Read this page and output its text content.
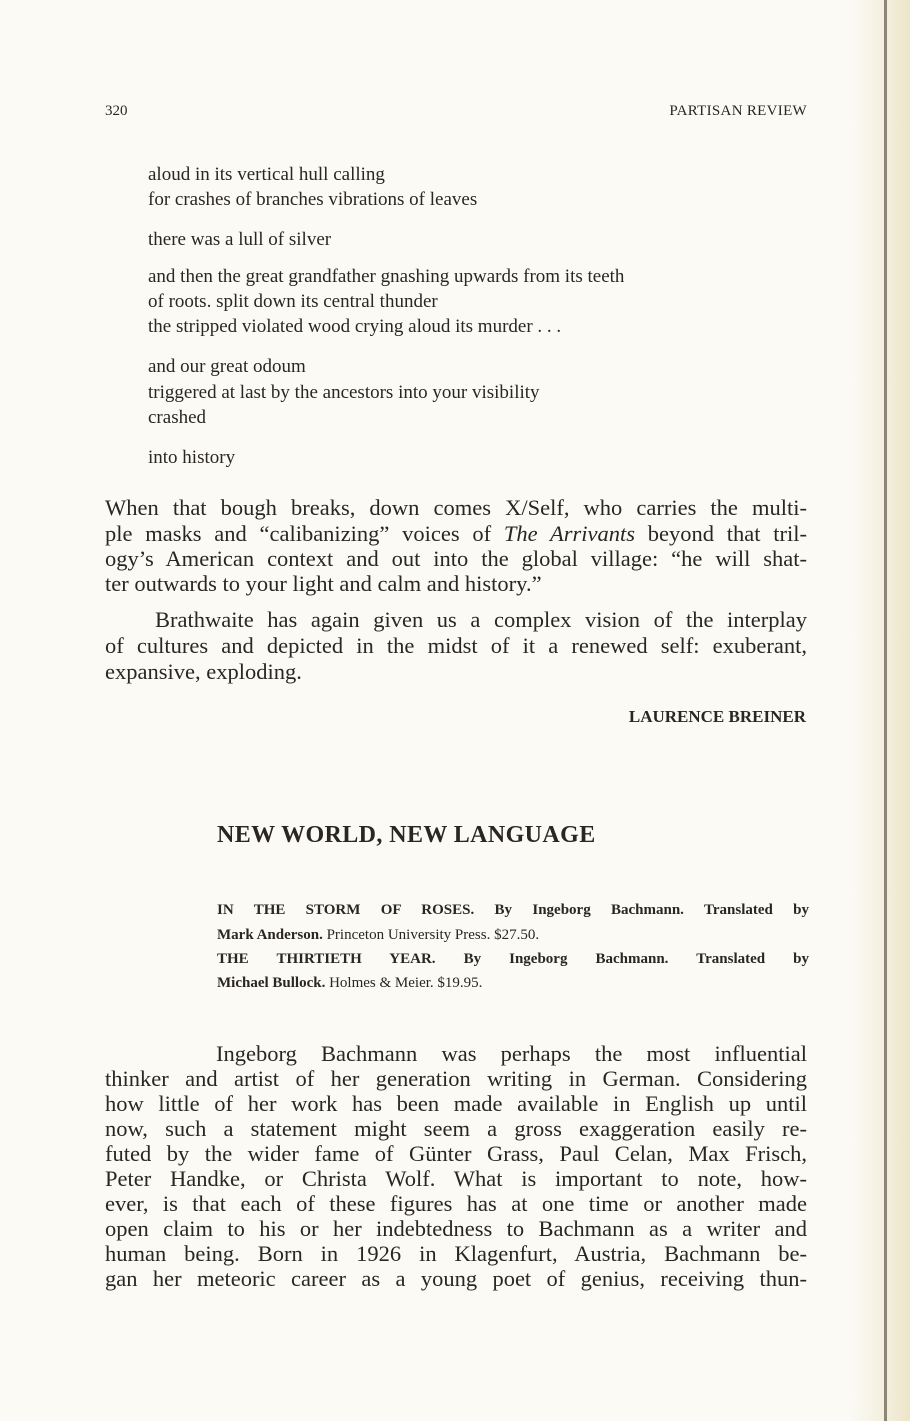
320	PARTISAN REVIEW
aloud in its vertical hull calling
for crashes of branches vibrations of leaves
there was a lull of silver
and then the great grandfather gnashing upwards from its teeth
of roots. split down its central thunder
the stripped violated wood crying aloud its murder . . .
and our great odoum
triggered at last by the ancestors into your visibility
crashed
into history
When that bough breaks, down comes X/Self, who carries the multi-
ple masks and “calibanizing” voices of The Arrivants beyond that tril-
ogy’s American context and out into the global village: “he will shat-
ter outwards to your light and calm and history.”
Brathwaite has again given us a complex vision of the interplay
of cultures and depicted in the midst of it a renewed self: exuberant,
expansive, exploding.
LAURENCE BREINER
NEW WORLD, NEW LANGUAGE
IN THE STORM OF ROSES. By Ingeborg Bachmann. Translated by
Mark Anderson. Princeton University Press. $27.50.
THE THIRTIETH YEAR. By Ingeborg Bachmann. Translated by
Michael Bullock. Holmes & Meier. $19.95.
Ingeborg Bachmann was perhaps the most influential
thinker and artist of her generation writing in German. Considering
how little of her work has been made available in English up until
now, such a statement might seem a gross exaggeration easily re-
futed by the wider fame of Günter Grass, Paul Celan, Max Frisch,
Peter Handke, or Christa Wolf. What is important to note, how-
ever, is that each of these figures has at one time or another made
open claim to his or her indebtedness to Bachmann as a writer and
human being. Born in 1926 in Klagenfurt, Austria, Bachmann be-
gan her meteoric career as a young poet of genius, receiving thun-
